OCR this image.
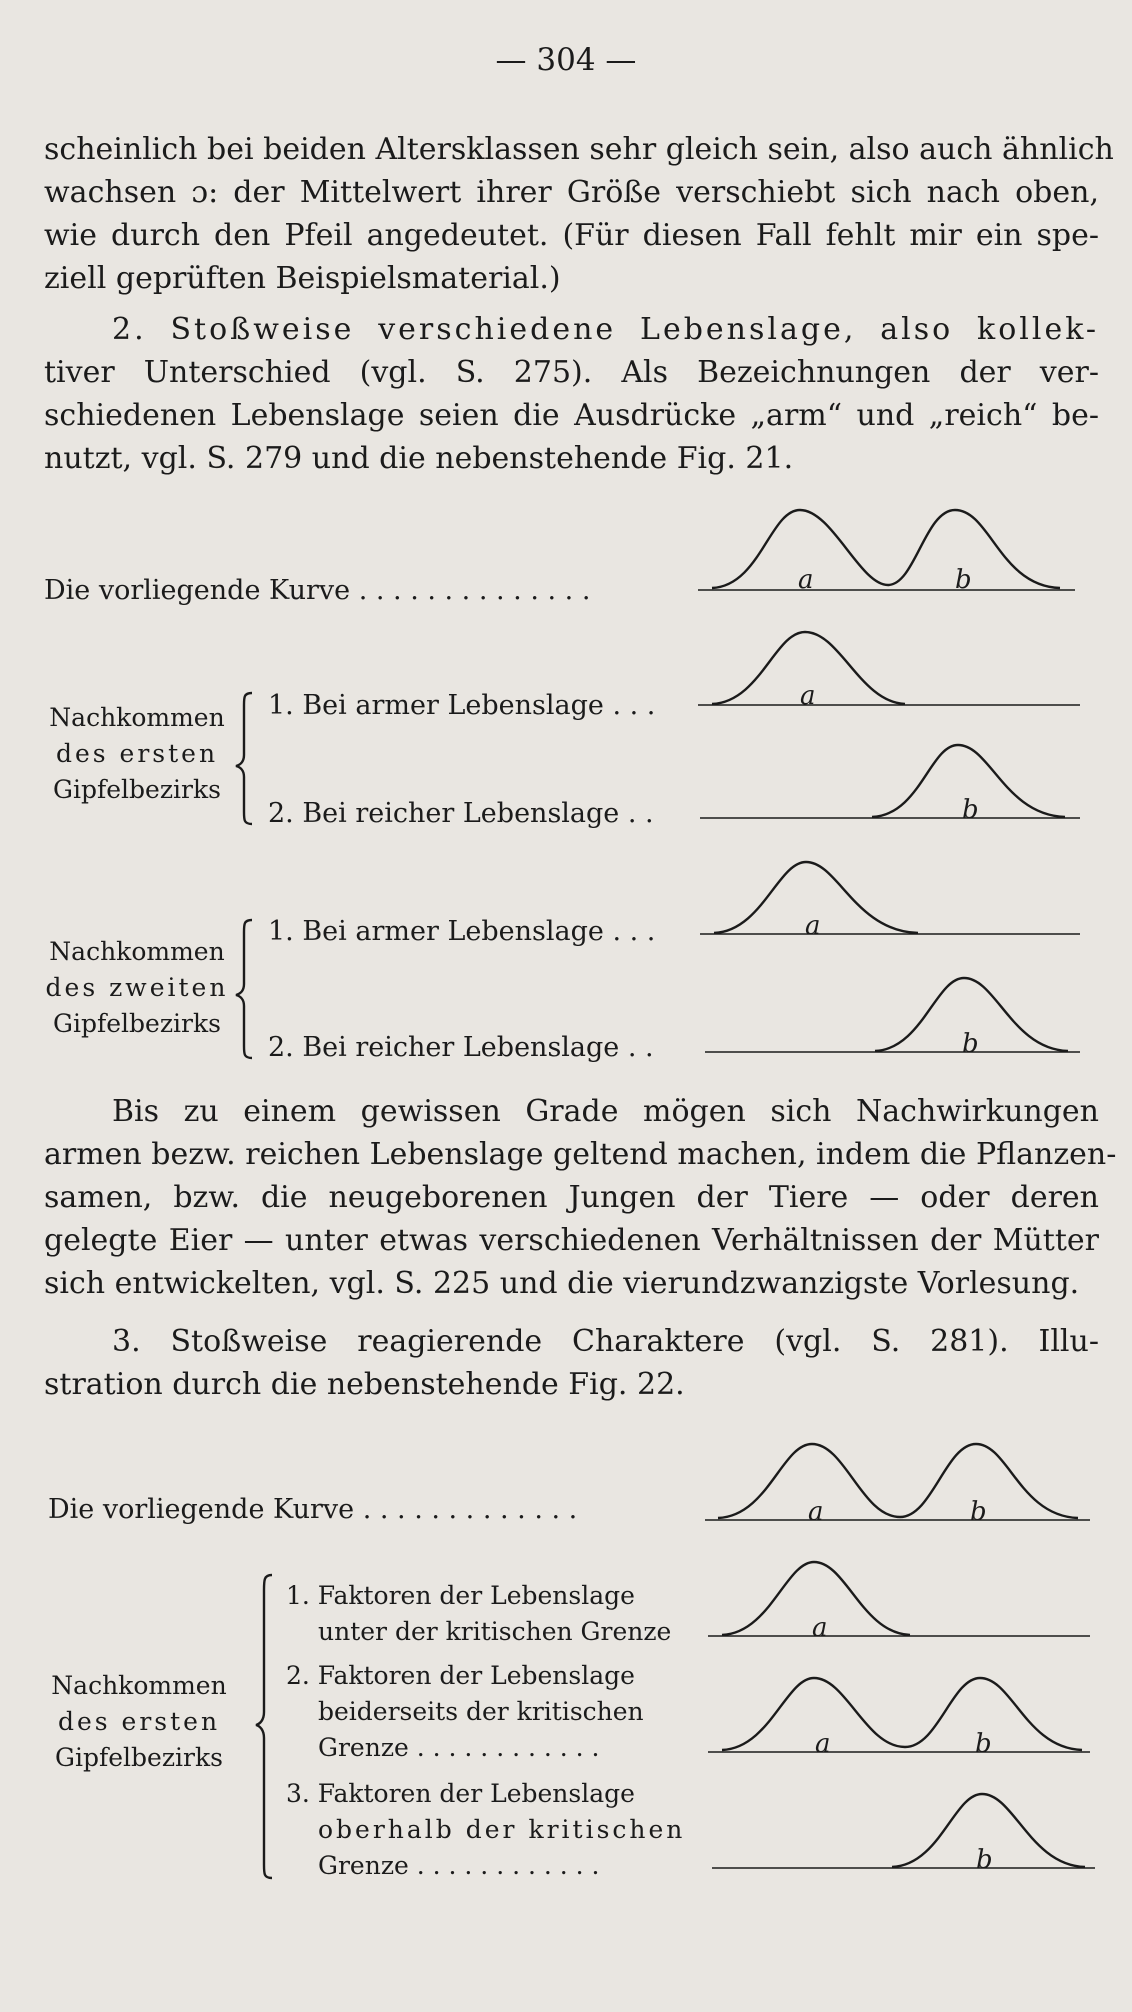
— 304 —
scheinlich bei beiden Altersklassen sehr gleich sein, also auch ähnlich
wachsen ɔ: der Mittelwert ihrer Größe verschiebt sich nach oben,
wie durch den Pfeil angedeutet. (Für diesen Fall fehlt mir ein spe-
ziell geprüften Beispielsmaterial.)
2. Stoßweise verschiedene Lebenslage, also kollek-
tiver Unterschied (vgl. S. 275). Als Bezeichnungen der ver-
schiedenen Lebenslage seien die Ausdrücke „arm“ und „reich“ be-
nutzt, vgl. S. 279 und die nebenstehende Fig. 21.
Die vorliegende Kurve . . . . . . . . . . . . . .
Nachkommen
des ersten
Gipfelbezirks
1. Bei armer Lebenslage . . .
2. Bei reicher Lebenslage . .
Nachkommen
des zweiten
Gipfelbezirks
1. Bei armer Lebenslage . . .
2. Bei reicher Lebenslage . .
Bis zu einem gewissen Grade mögen sich Nachwirkungen
armen bezw. reichen Lebenslage geltend machen, indem die Pflanzen-
samen, bzw. die neugeborenen Jungen der Tiere — oder deren
gelegte Eier — unter etwas verschiedenen Verhältnissen der Mütter
sich entwickelten, vgl. S. 225 und die vierundzwanzigste Vorlesung.
3. Stoßweise reagierende Charaktere (vgl. S. 281). Illu-
stration durch die nebenstehende Fig. 22.
Die vorliegende Kurve . . . . . . . . . . . . .
Nachkommen
des ersten
Gipfelbezirks
1. Faktoren der Lebenslage
unter der kritischen Grenze
2. Faktoren der Lebenslage
beiderseits der kritischen
Grenze . . . . . . . . . . . .
3. Faktoren der Lebenslage
oberhalb der kritischen
Grenze . . . . . . . . . . . .
a	b
a
b
a
b
a	b
a
a	b
b
